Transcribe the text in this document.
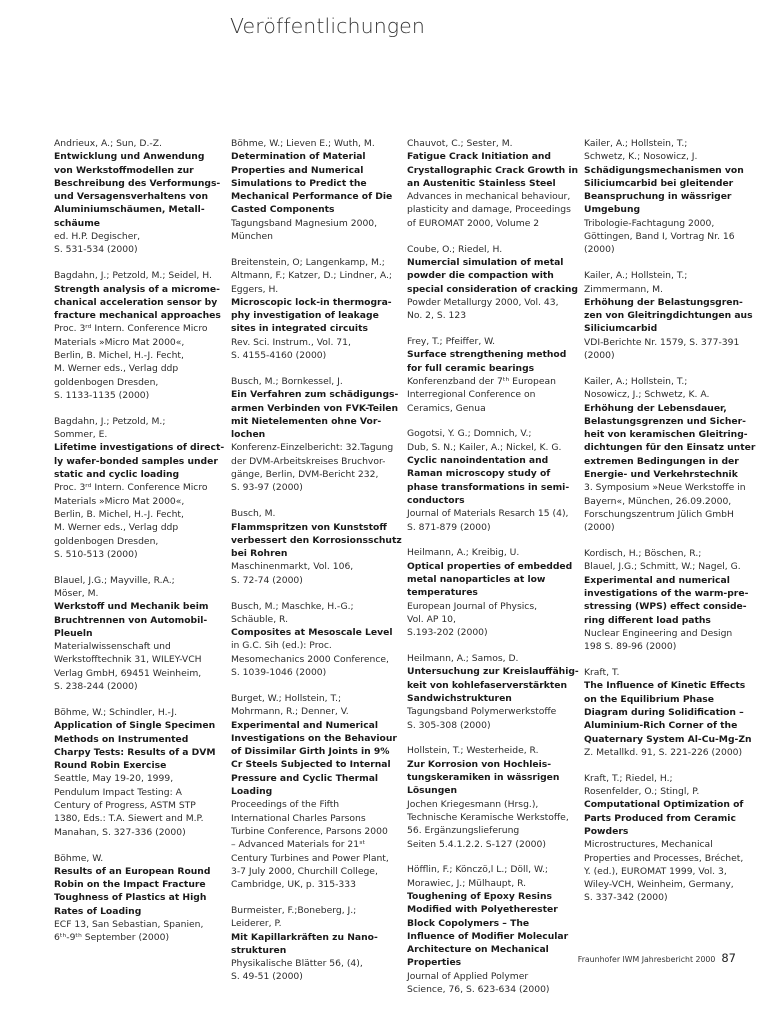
Veröffentlichungen
Andrieux, A.; Sun, D.-Z.
Entwicklung und Anwendung
von Werkstoffmodellen zur
Beschreibung des Verformungs-
und Versagensverhaltens von
Aluminiumschäumen, Metall-
schäume
ed. H.P. Degischer,
S. 531-534 (2000)
Bagdahn, J.; Petzold, M.; Seidel, H.
Strength analysis of a microme-
chanical acceleration sensor by
fracture mechanical approaches
Proc. 3ʳᵈ Intern. Conference Micro
Materials »Micro Mat 2000«,
Berlin, B. Michel, H.-J. Fecht,
M. Werner eds., Verlag ddp
goldenbogen Dresden,
S. 1133-1135 (2000)
Bagdahn, J.; Petzold, M.;
Sommer, E.
Lifetime investigations of direct-
ly wafer-bonded samples under
static and cyclic loading
Proc. 3ʳᵈ Intern. Conference Micro
Materials »Micro Mat 2000«,
Berlin, B. Michel, H.-J. Fecht,
M. Werner eds., Verlag ddp
goldenbogen Dresden,
S. 510-513 (2000)
Blauel, J.G.; Mayville, R.A.;
Möser, M.
Werkstoff und Mechanik beim
Bruchtrennen von Automobil-
Pleueln
Materialwissenschaft und
Werkstofftechnik 31, WILEY-VCH
Verlag GmbH, 69451 Weinheim,
S. 238-244 (2000)
Böhme, W.; Schindler, H.-J.
Application of Single Specimen
Methods on Instrumented
Charpy Tests: Results of a DVM
Round Robin Exercise
Seattle, May 19-20, 1999,
Pendulum Impact Testing: A
Century of Progress, ASTM STP
1380, Eds.: T.A. Siewert and M.P.
Manahan, S. 327-336 (2000)
Böhme, W.
Results of an European Round
Robin on the Impact Fracture
Toughness of Plastics at High
Rates of Loading
ECF 13, San Sebastian, Spanien,
6ᵗʰ-9ᵗʰ September (2000)
Böhme, W.; Lieven E.; Wuth, M.
Determination of Material
Properties and Numerical
Simulations to Predict the
Mechanical Performance of Die
Casted Components
Tagungsband Magnesium 2000,
München
Breitenstein, O; Langenkamp, M.;
Altmann, F.; Katzer, D.; Lindner, A.;
Eggers, H.
Microscopic lock-in thermogra-
phy investigation of leakage
sites in integrated circuits
Rev. Sci. Instrum., Vol. 71,
S. 4155-4160 (2000)
Busch, M.; Bornkessel, J.
Ein Verfahren zum schädigungs-
armen Verbinden von FVK-Teilen
mit Nietelementen ohne Vor-
lochen
Konferenz-Einzelbericht: 32.Tagung
der DVM-Arbeitskreises Bruchvor-
gänge, Berlin, DVM-Bericht 232,
S. 93-97 (2000)
Busch, M.
Flammspritzen von Kunststoff
verbessert den Korrosionsschutz
bei Rohren
Maschinenmarkt, Vol. 106,
S. 72-74 (2000)
Busch, M.; Maschke, H.-G.;
Schäuble, R.
Composites at Mesoscale Level
in G.C. Sih (ed.): Proc.
Mesomechanics 2000 Conference,
S. 1039-1046 (2000)
Burget, W.; Hollstein, T.;
Mohrmann, R.; Denner, V.
Experimental and Numerical
Investigations on the Behaviour
of Dissimilar Girth Joints in 9%
Cr Steels Subjected to Internal
Pressure and Cyclic Thermal
Loading
Proceedings of the Fifth
International Charles Parsons
Turbine Conference, Parsons 2000
– Advanced Materials for 21ˢᵗ
Century Turbines and Power Plant,
3-7 July 2000, Churchill College,
Cambridge, UK, p. 315-333
Burmeister, F.;Boneberg, J.;
Leiderer, P.
Mit Kapillarkräften zu Nano-
strukturen
Physikalische Blätter 56, (4),
S. 49-51 (2000)
Chauvot, C.; Sester, M.
Fatigue Crack Initiation and
Crystallographic Crack Growth in
an Austenitic Stainless Steel
Advances in mechanical behaviour,
plasticity and damage, Proceedings
of EUROMAT 2000, Volume 2
Coube, O.; Riedel, H.
Numercial simulation of metal
powder die compaction with
special consideration of cracking
Powder Metallurgy 2000, Vol. 43,
No. 2, S. 123
Frey, T.; Pfeiffer, W.
Surface strengthening method
for full ceramic bearings
Konferenzband der 7ᵗʰ European
Interregional Conference on
Ceramics, Genua
Gogotsi, Y. G.; Domnich, V.;
Dub, S. N.; Kailer, A.; Nickel, K. G.
Cyclic nanoindentation and
Raman microscopy study of
phase transformations in semi-
conductors
Journal of Materials Resarch 15 (4),
S. 871-879 (2000)
Heilmann, A.; Kreibig, U.
Optical properties of embedded
metal nanoparticles at low
temperatures
European Journal of Physics,
Vol. AP 10,
S.193-202 (2000)
Heilmann, A.; Samos, D.
Untersuchung zur Kreislauffähig-
keit von kohlefaserverstärkten
Sandwichstrukturen
Tagungsband Polymerwerkstoffe
S. 305-308 (2000)
Hollstein, T.; Westerheide, R.
Zur Korrosion von Hochleis-
tungskeramiken in wässrigen
Lösungen
Jochen Kriegesmann (Hrsg.),
Technische Keramische Werkstoffe,
56. Ergänzungslieferung
Seiten 5.4.1.2.2. S-127 (2000)
Höfflin, F.; Könczö,l L.; Döll, W.;
Morawiec, J.; Mülhaupt, R.
Toughening of Epoxy Resins
Modified with Polyetherester
Block Copolymers – The
Influence of Modifier Molecular
Architecture on Mechanical
Properties
Journal of Applied Polymer
Science, 76, S. 623-634 (2000)
Kailer, A.; Hollstein, T.;
Schwetz, K.; Nosowicz, J.
Schädigungsmechanismen von
Siliciumcarbid bei gleitender
Beanspruchung in wässriger
Umgebung
Tribologie-Fachtagung 2000,
Göttingen, Band I, Vortrag Nr. 16
(2000)
Kailer, A.; Hollstein, T.;
Zimmermann, M.
Erhöhung der Belastungsgren-
zen von Gleitringdichtungen aus
Siliciumcarbid
VDI-Berichte Nr. 1579, S. 377-391
(2000)
Kailer, A.; Hollstein, T.;
Nosowicz, J.; Schwetz, K. A.
Erhöhung der Lebensdauer,
Belastungsgrenzen und Sicher-
heit von keramischen Gleitring-
dichtungen für den Einsatz unter
extremen Bedingungen in der
Energie- und Verkehrstechnik
3. Symposium »Neue Werkstoffe in
Bayern«, München, 26.09.2000,
Forschungszentrum Jülich GmbH
(2000)
Kordisch, H.; Böschen, R.;
Blauel, J.G.; Schmitt, W.; Nagel, G.
Experimental and numerical
investigations of the warm-pre-
stressing (WPS) effect conside-
ring different load paths
Nuclear Engineering and Design
198 S. 89-96 (2000)
Kraft, T.
The Influence of Kinetic Effects
on the Equilibrium Phase
Diagram during Solidification –
Aluminium-Rich Corner of the
Quaternary System Al-Cu-Mg-Zn
Z. Metallkd. 91, S. 221-226 (2000)
Kraft, T.; Riedel, H.;
Rosenfelder, O.; Stingl, P.
Computational Optimization of
Parts Produced from Ceramic
Powders
Microstructures, Mechanical
Properties and Processes, Bréchet,
Y. (ed.), EUROMAT 1999, Vol. 3,
Wiley-VCH, Weinheim, Germany,
S. 337-342 (2000)
Fraunhofer IWM Jahresbericht 2000 87
